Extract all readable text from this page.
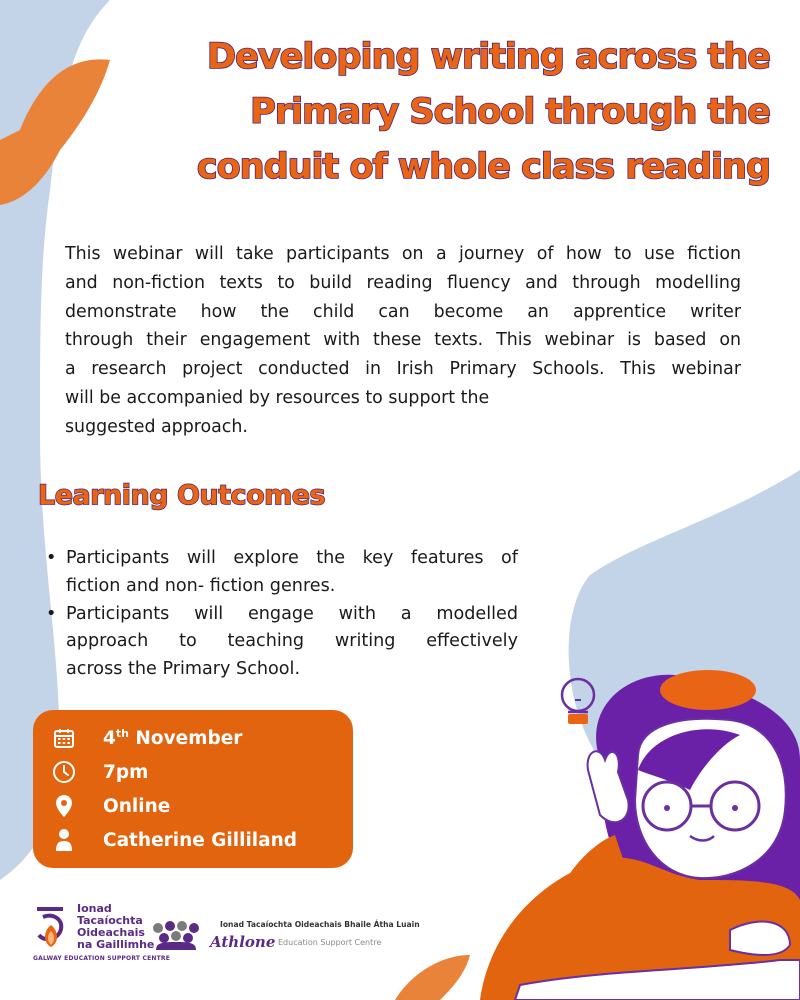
Developing writing across the
Primary School through the
conduit of whole class reading

This webinar will take participants on a journey of how to use fiction
and non-fiction texts to build reading fluency and through modelling
demonstrate how the child can become an apprentice writer
through their engagement with these texts. This webinar is based on
a research project conducted in Irish Primary Schools. This webinar
will be accompanied by resources to support the
suggested approach.

Learning Outcomes
• Participants will explore the key features of
fiction and non- fiction genres.
• Participants will engage with a modelled
approach to teaching writing effectively
across the Primary School.
4th November
7pm
Online
Catherine Gilliland
Ionad
Tacaíochta
Oideachais
na Gaillimhe
GALWAY EDUCATION SUPPORT CENTRE
Ionad Tacaíochta Oideachais Bhaile Átha Luain
Athlone Education Support Centre
